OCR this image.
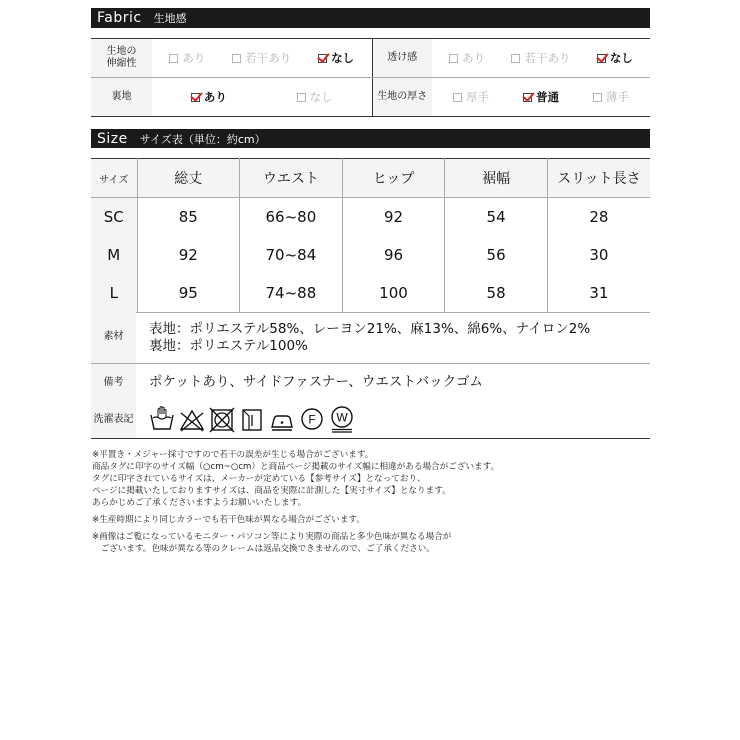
Fabric 生地感
生地の
伸縮性	あり 若干あり なし	透け感	あり 若干あり なし

裏地	あり なし	生地の厚さ	厚手 普通 薄手
Size サイズ表（単位：約cm）
サイズ	総丈	ウエスト	ヒップ	裾幅	スリット長さ
SC	85	66~80	92	54	28
M	92	70~84	96	56	30
L	95	74~88	100	58	31
素材	表地：ポリエステル58%、レーヨン21%、麻13%、綿6%、ナイロン2%
裏地：ポリエステル100%
備考	ポケットあり、サイドファスナー、ウエストバックゴム
洗濯 表記	F W

※平置き・メジャー採寸ですので若干の誤差が生じる場合がございます。

商品タグに印字のサイズ幅（○cm~○cm）と商品ページ掲載のサイズ幅に相違がある場合がございます。

タグに印字されているサイズは、メーカーが定めている【参考サイズ】となっており、

ページに掲載いたしておりますサイズは、商品を実際に計測した【実寸サイズ】となります。

あらかじめご了承くださいますようお願いいたします。

※生産時期により同じカラーでも若干色味が異なる場合がございます。

※画像はご覧になっているモニター・パソコン等により実際の商品と多少色味が異なる場合が

　ございます。色味が異なる等のクレームは返品交換できませんので、ご了承ください。
